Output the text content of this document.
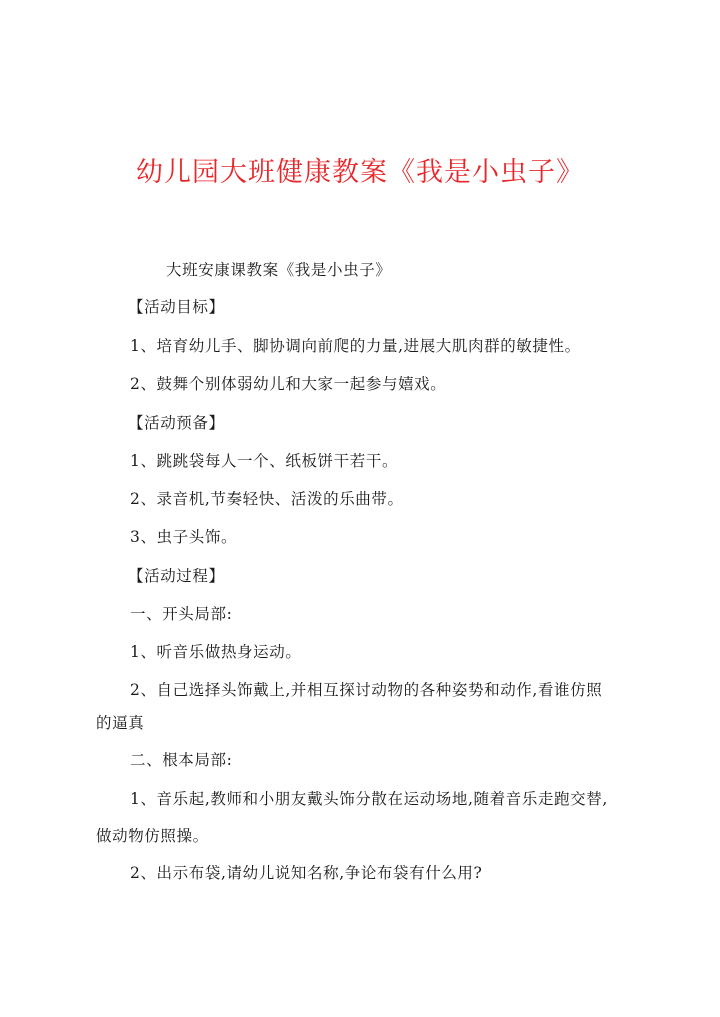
幼儿园大班健康教案《我是小虫子》
大班安康课教案《我是小虫子》
【活动目标】
1、培育幼儿手、脚协调向前爬的力量,进展大肌肉群的敏捷性。
2、鼓舞个别体弱幼儿和大家一起参与嬉戏。
【活动预备】
1、跳跳袋每人一个、纸板饼干若干。
2、录音机,节奏轻快、活泼的乐曲带。
3、虫子头饰。
【活动过程】
一、开头局部:
1、听音乐做热身运动。
2、自己选择头饰戴上,并相互探讨动物的各种姿势和动作,看谁仿照
的逼真
二、根本局部:
1、音乐起,教师和小朋友戴头饰分散在运动场地,随着音乐走跑交替,
做动物仿照操。
2、出示布袋,请幼儿说知名称,争论布袋有什么用?
